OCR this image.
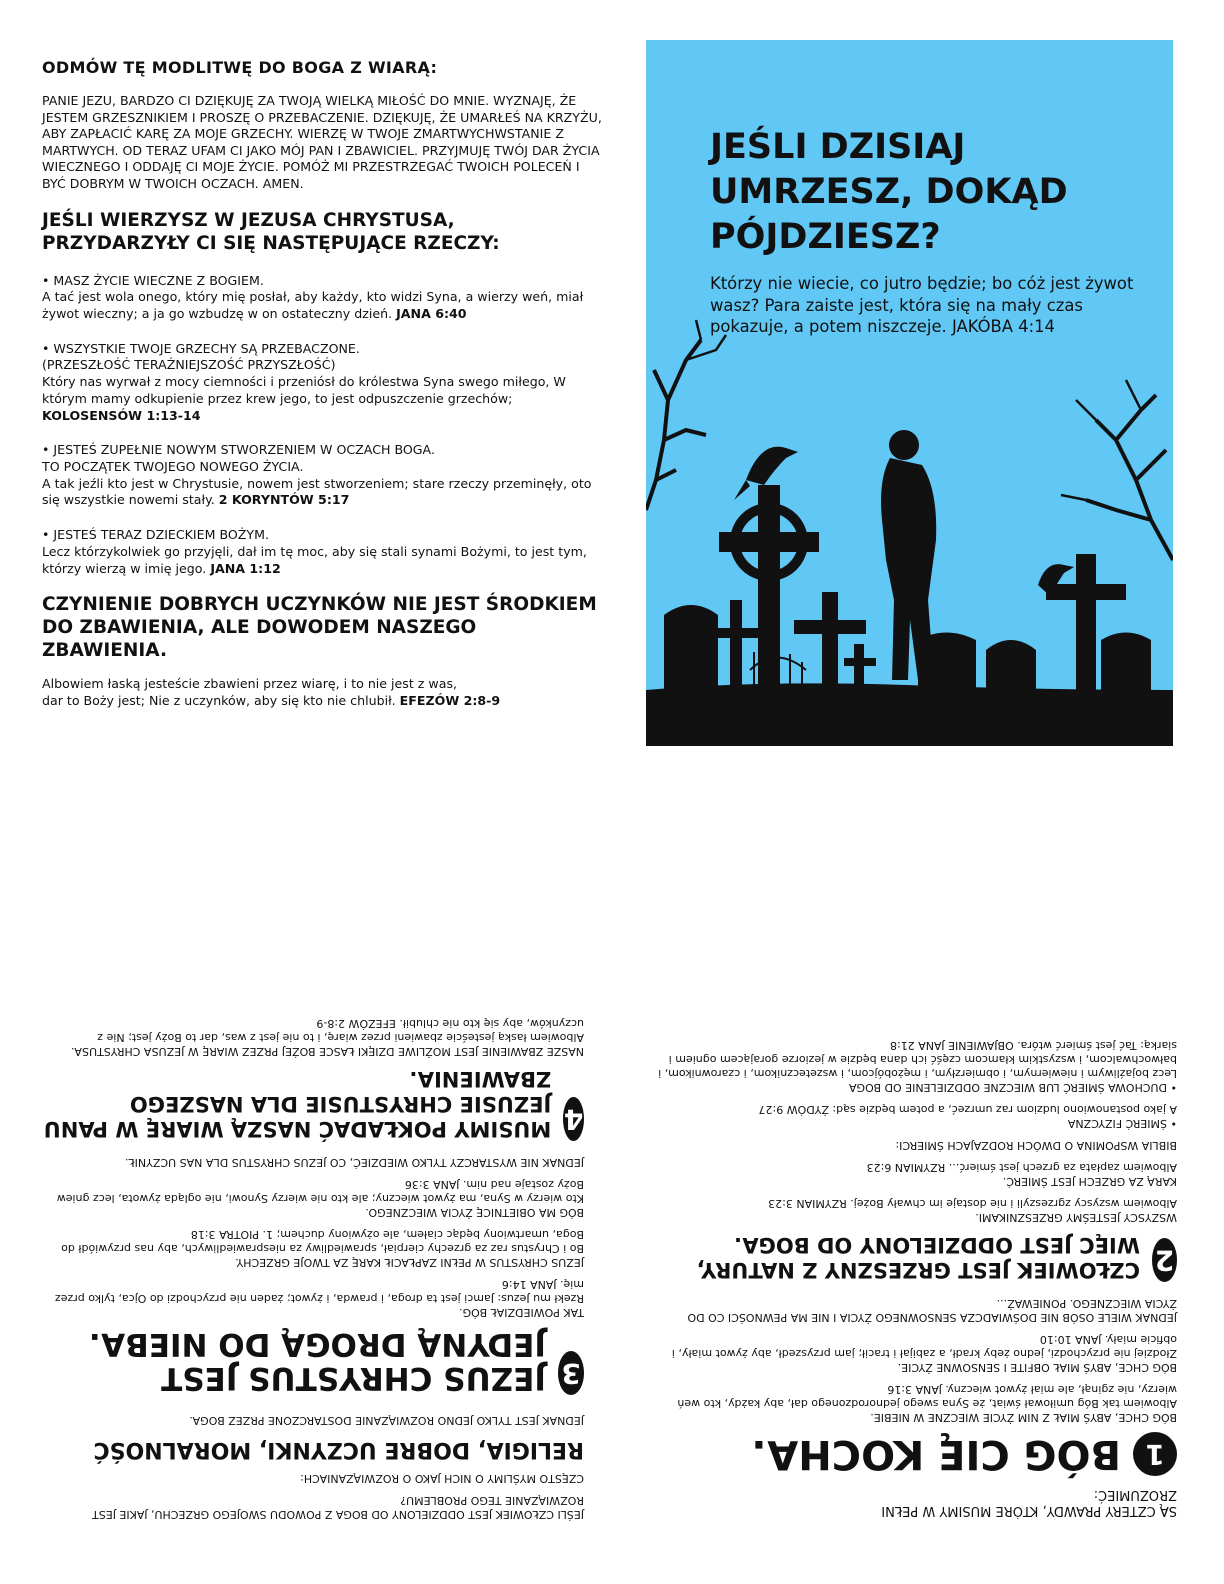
ODMÓW TĘ MODLITWĘ DO BOGA Z WIARĄ:
PANIE JEZU, BARDZO CI DZIĘKUJĘ ZA TWOJĄ WIELKĄ MIŁOŚĆ DO MNIE. WYZNAJĘ, ŻE JESTEM GRZESZNIKIEM I PROSZĘ O PRZEBACZENIE. DZIĘKUJĘ, ŻE UMARŁEŚ NA KRZYŻU, ABY ZAPŁACIĆ KARĘ ZA MOJE GRZECHY. WIERZĘ W TWOJE ZMARTWYCHWSTANIE Z MARTWYCH. OD TERAZ UFAM CI JAKO MÓJ PAN I ZBAWICIEL. PRZYJMUJĘ TWÓJ DAR ŻYCIA WIECZNEGO I ODDAJĘ CI MOJE ŻYCIE. POMÓŻ MI PRZESTRZEGAĆ TWOICH POLECEŃ I BYĆ DOBRYM W TWOICH OCZACH. AMEN.
JEŚLI WIERZYSZ W JEZUSA CHRYSTUSA,
PRZYDARZYŁY CI SIĘ NASTĘPUJĄCE RZECZY:
• MASZ ŻYCIE WIECZNE Z BOGIEM.
A tać jest wola onego, który mię posłał, aby każdy, kto widzi Syna, a wierzy weń, miał żywot wieczny; a ja go wzbudzę w on ostateczny dzień. JANA 6:40
• WSZYSTKIE TWOJE GRZECHY SĄ PRZEBACZONE.
(PRZESZŁOŚĆ TERAŹNIEJSZOŚĆ PRZYSZŁOŚĆ)
Który nas wyrwał z mocy ciemności i przeniósł do królestwa Syna swego miłego, W którym mamy odkupienie przez krew jego, to jest odpuszczenie grzechów; KOLOSENSÓW 1:13-14
• JESTEŚ ZUPEŁNIE NOWYM STWORZENIEM W OCZACH BOGA.
TO POCZĄTEK TWOJEGO NOWEGO ŻYCIA.
A tak jeźli kto jest w Chrystusie, nowem jest stworzeniem; stare rzeczy przeminęły, oto się wszystkie nowemi stały. 2 KORYNTÓW 5:17
• JESTEŚ TERAZ DZIECKIEM BOŻYM.
Lecz którzykolwiek go przyjęli, dał im tę moc, aby się stali synami Bożymi, to jest tym, którzy wierzą w imię jego. JANA 1:12
CZYNIENIE DOBRYCH UCZYNKÓW NIE JEST ŚRODKIEM
DO ZBAWIENIA, ALE DOWODEM NASZEGO ZBAWIENIA.
Albowiem łaską jesteście zbawieni przez wiarę, i to nie jest z was,
dar to Boży jest; Nie z uczynków, aby się kto nie chlubił. EFEZÓW 2:8-9
JEŚLI DZISIAJ UMRZESZ, DOKĄD PÓJDZIESZ?
Którzy nie wiecie, co jutro będzie; bo cóż jest żywot wasz? Para zaiste jest, która się na mały czas pokazuje, a potem niszczeje. JAKÓBA 4:14
JEŚLI CZŁOWIEK JEST ODDZIELONY OD BOGA Z POWODU SWOJEGO GRZECHU, JAKIE JEST ROZWIĄZANIE TEGO PROBLEMU?
CZĘSTO MYŚLIMY O NICH JAKO O ROZWIĄZANIACH:
RELIGIA, DOBRE UCZYNKI, MORALNOŚĆ
JEDNAK JEST TYLKO JEDNO ROZWIĄZANIE DOSTARCZONE PRZEZ BOGA.
3
JEZUS CHRYSTUS JEST JEDYNĄ DROGĄ DO NIEBA.
TAK POWIEDZIAŁ BÓG.
Rzekł mu Jezus: Jamci jest ta droga, i prawda, i żywot; żaden nie przychodzi do Ojca, tylko przez mię. JANA 14:6
JEZUS CHRYSTUS W PEŁNI ZAPŁACIŁ KARĘ ZA TWOJE GRZECHY.
Bo i Chrystus raz za grzechy cierpiał, sprawiedliwy za niesprawiedliwych, aby nas przywiódł do Boga, umartwiony będąc ciałem, ale ożywiony duchem; 1. PIOTRA 3:18
BÓG MA OBIETNICĘ ŻYCIA WIECZNEGO.
Kto wierzy w Syna, ma żywot wieczny; ale kto nie wierzy Synowi, nie ogląda żywota, lecz gniew Boży zostaje nad nim. JANA 3:36
JEDNAK NIE WYSTARCZY TYLKO WIEDZIEĆ, CO JEZUS CHRYSTUS DLA NAS UCZYNIŁ.
4
MUSIMY POKŁADAĆ NASZĄ WIARĘ W PANU JEZUSIE CHRYSTUSIE DLA NASZEGO ZBAWIENIA.
NASZE ZBAWIENIE JEST MOŻLIWE DZIĘKI ŁASCE BOŻEJ PRZEZ WIARĘ W JEZUSA CHRYSTUSA.
Albowiem łaską jesteście zbawieni przez wiarę, i to nie jest z was, dar to Boży jest; Nie z uczynków, aby się kto nie chlubił. EFEZÓW 2:8-9
SĄ CZTERY PRAWDY, KTÓRE MUSIMY W PEŁNI ZROZUMIEĆ:
1
BÓG CIĘ KOCHA.
BÓG CHCE, ABYŚ MIAŁ Z NIM ŻYCIE WIECZNE W NIEBIE.
Albowiem tak Bóg umiłował świat, że Syna swego jednorodzonego dał, aby każdy, kto weń wierzy, nie zginął, ale miał żywot wieczny. JANA 3:16
BÓG CHCE, ABYŚ MIAŁ OBFITE I SENSOWNE ŻYCIE.
Złodziej nie przychodzi, jedno żeby kradł, a zabijał i tracił; jam przyszedł, aby żywot miały, i obficie miały. JANA 10:10
JEDNAK WIELE OSÓB NIE DOŚWIADCZA SENSOWNEGO ŻYCIA I NIE MA PEWNOŚCI CO DO ŻYCIA WIECZNEGO. PONIEWAŻ...
2
CZŁOWIEK JEST GRZESZNY Z NATURY, WIĘC JEST ODDZIELONY OD BOGA.
WSZYSCY JESTEŚMY GRZESZNIKAMI.
Albowiem wszyscy zgrzeszyli i nie dostaje im chwały Bożej. RZYMIAN 3:23
KARĄ ZA GRZECH JEST ŚMIERĆ.
Albowiem zapłata za grzech jest śmierć... RZYMIAN 6:23
BIBLIA WSPOMINA O DWÓCH RODZAJACH ŚMIERCI:
• ŚMIERĆ FIZYCZNA
A jako postanowiono ludziom raz umrzeć, a potem będzie sąd: ŻYDÓW 9:27
• DUCHOWA ŚMIERĆ LUB WIECZNE ODDZIELENIE OD BOGA
Lecz bojaźliwym i niewiernym, i obmierzłym, i mężobójcom, i wszetecznikom, i czarownikom, i bałwochwalcom, i wszystkim kłamcom część ich dana będzie w jeziorze gorającem ogniem i siarką: Tać jest śmierć wtóra. OBJAWIENIE JANA 21:8
